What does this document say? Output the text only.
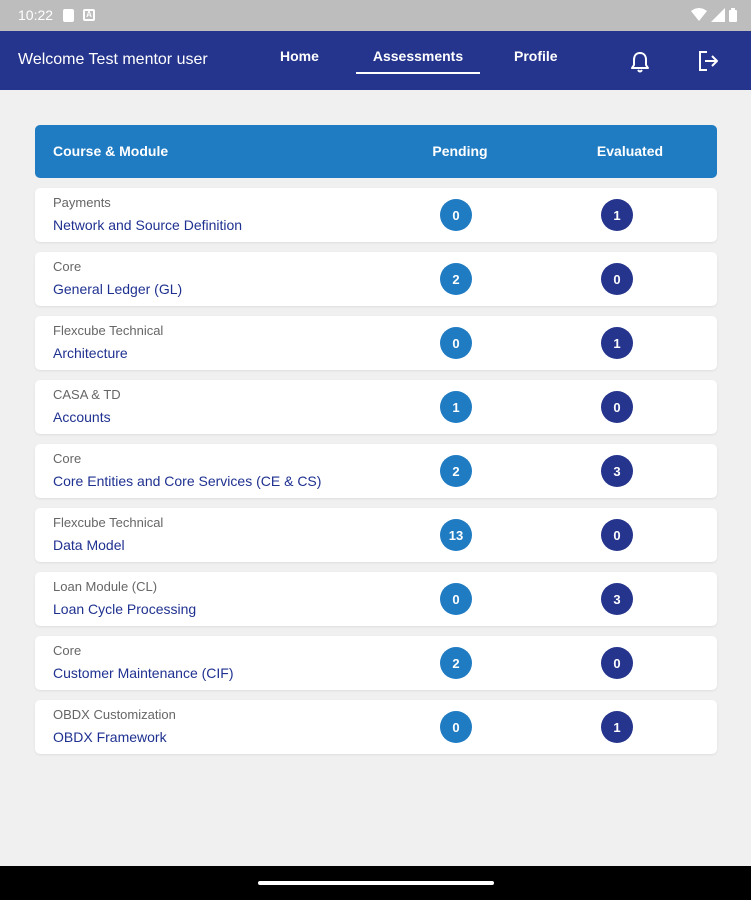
10:22	A
Welcome Test mentor user	Home	Assessments	Profile
Course & Module	Pending	Evaluated
Payments
Network and Source Definition
0	1
Core
General Ledger (GL)
2	0
Flexcube Technical
Architecture
0	1
CASA & TD
Accounts
1	0
Core
Core Entities and Core Services (CE & CS)
2	3
Flexcube Technical
Data Model
13	0
Loan Module (CL)
Loan Cycle Processing
0	3
Core
Customer Maintenance (CIF)
2	0
OBDX Customization
OBDX Framework
0	1
